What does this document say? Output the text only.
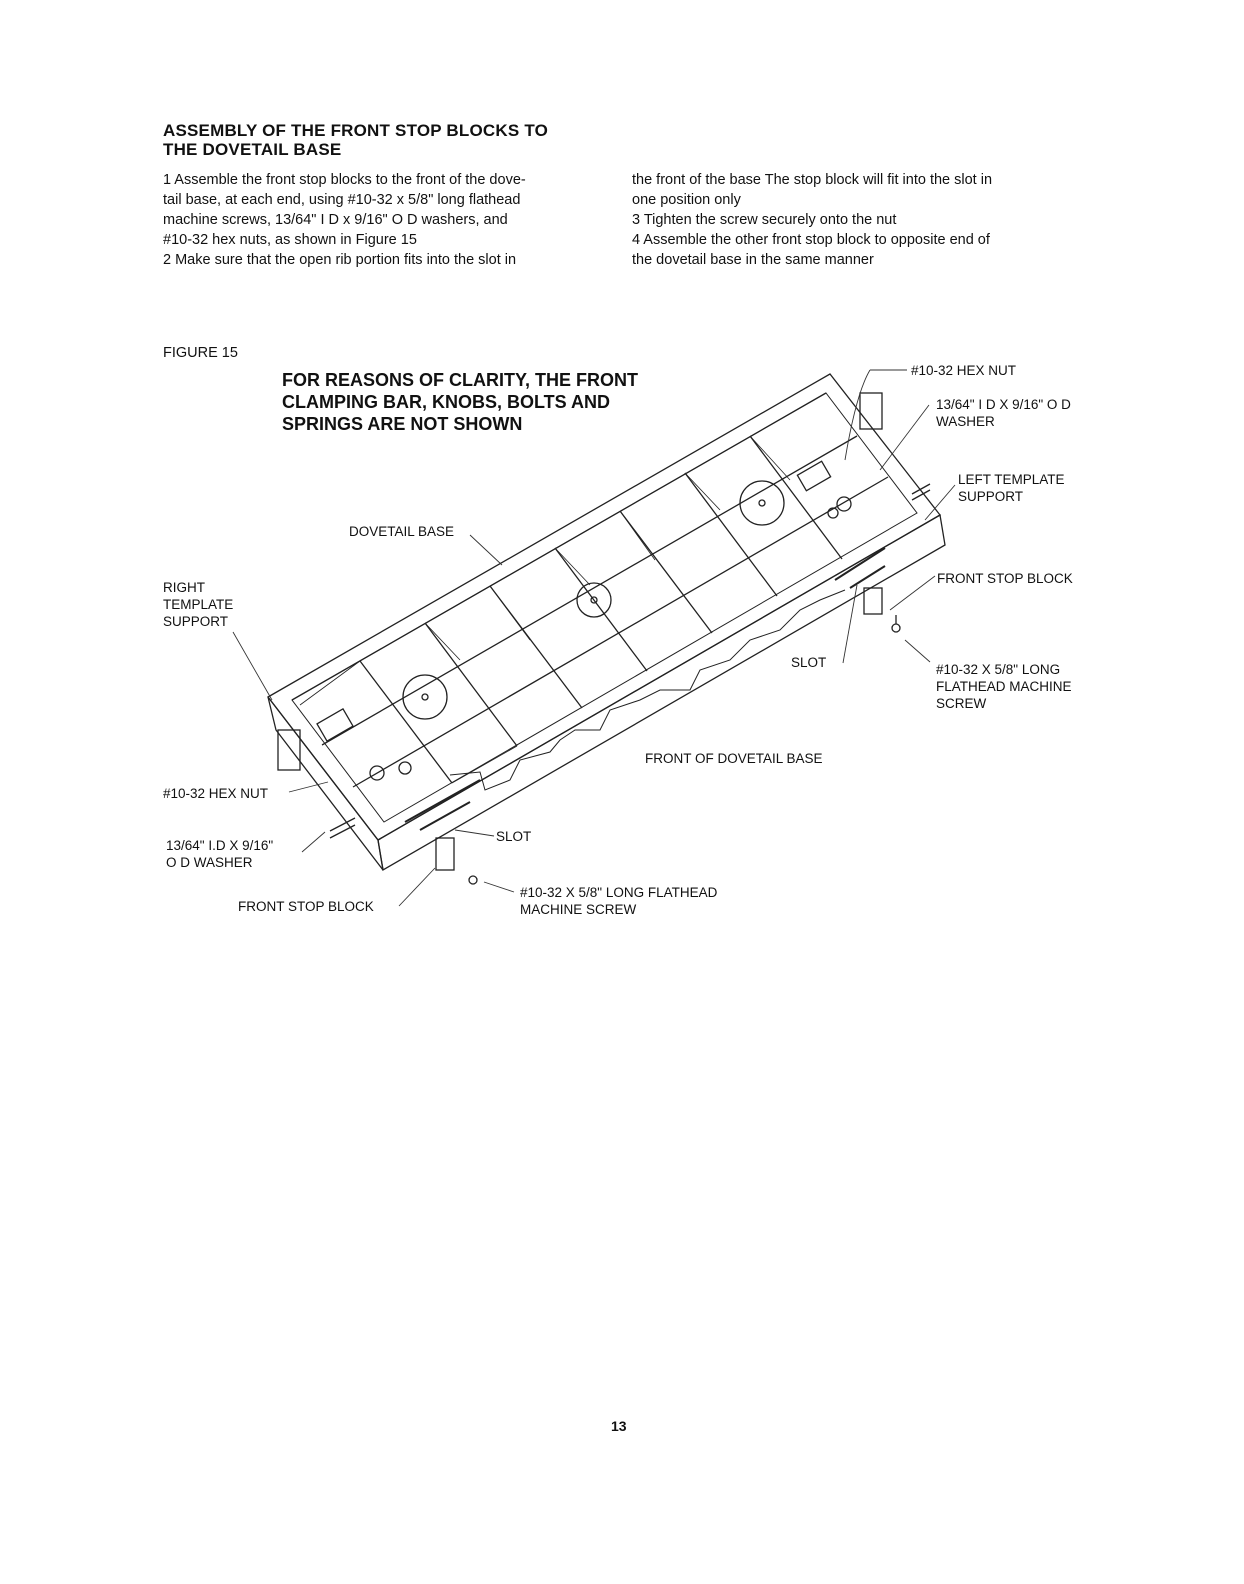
ASSEMBLY OF THE FRONT STOP BLOCKS TO
THE DOVETAIL BASE
1 Assemble the front stop blocks to the front of the dove-
tail base, at each end, using #10-32 x 5/8" long flathead
machine screws, 13/64" I D x 9/16" O D washers, and
#10-32 hex nuts, as shown in Figure 15
2 Make sure that the open rib portion fits into the slot in
the front of the base The stop block will fit into the slot in
one position only
3 Tighten the screw securely onto the nut
4 Assemble the other front stop block to opposite end of
the dovetail base in the same manner
FIGURE 15
FOR REASONS OF CLARITY, THE FRONT
CLAMPING BAR, KNOBS, BOLTS AND
SPRINGS ARE NOT SHOWN
#10-32 HEX NUT
13/64" I D X 9/16" O D
WASHER
LEFT TEMPLATE
SUPPORT
DOVETAIL BASE
RIGHT
TEMPLATE
SUPPORT
FRONT STOP BLOCK
SLOT	#10-32 X 5/8" LONG
FLATHEAD MACHINE
SCREW
FRONT OF DOVETAIL BASE
#10-32 HEX NUT
13/64" I.D X 9/16"
O D WASHER
SLOT
FRONT STOP BLOCK
#10-32 X 5/8" LONG FLATHEAD
MACHINE SCREW
13
